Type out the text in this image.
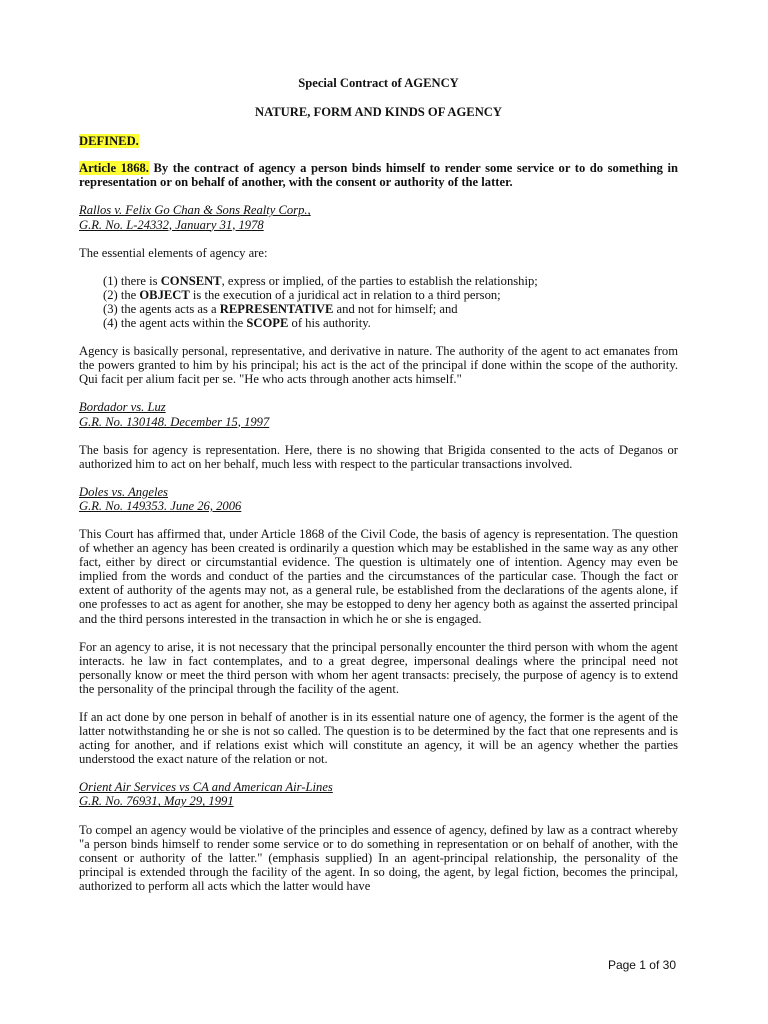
Special Contract of AGENCY

NATURE, FORM AND KINDS OF AGENCY

DEFINED.

Article 1868. By the contract of agency a person binds himself to render some service or to do something in representation or on behalf of another, with the consent or authority of the latter.

Rallos v. Felix Go Chan & Sons Realty Corp.,
G.R. No. L-24332, January 31, 1978

The essential elements of agency are:

(1) there is CONSENT, express or implied, of the parties to establish the relationship;
(2) the OBJECT is the execution of a juridical act in relation to a third person;
(3) the agents acts as a REPRESENTATIVE and not for himself; and
(4) the agent acts within the SCOPE of his authority.

Agency is basically personal, representative, and derivative in nature. The authority of the agent to act emanates from the powers granted to him by his principal; his act is the act of the principal if done within the scope of the authority. Qui facit per alium facit per se. "He who acts through another acts himself."

Bordador vs. Luz
G.R. No. 130148. December 15, 1997

The basis for agency is representation. Here, there is no showing that Brigida consented to the acts of Deganos or authorized him to act on her behalf, much less with respect to the particular transactions involved.

Doles vs. Angeles
G.R. No. 149353. June 26, 2006

This Court has affirmed that, under Article 1868 of the Civil Code, the basis of agency is representation. The question of whether an agency has been created is ordinarily a question which may be established in the same way as any other fact, either by direct or circumstantial evidence. The question is ultimately one of intention. Agency may even be implied from the words and conduct of the parties and the circumstances of the particular case. Though the fact or extent of authority of the agents may not, as a general rule, be established from the declarations of the agents alone, if one professes to act as agent for another, she may be estopped to deny her agency both as against the asserted principal and the third persons interested in the transaction in which he or she is engaged.

For an agency to arise, it is not necessary that the principal personally encounter the third person with whom the agent interacts. he law in fact contemplates, and to a great degree, impersonal dealings where the principal need not personally know or meet the third person with whom her agent transacts: precisely, the purpose of agency is to extend the personality of the principal through the facility of the agent.

If an act done by one person in behalf of another is in its essential nature one of agency, the former is the agent of the latter notwithstanding he or she is not so called. The question is to be determined by the fact that one represents and is acting for another, and if relations exist which will constitute an agency, it will be an agency whether the parties understood the exact nature of the relation or not.

Orient Air Services vs CA and American Air-Lines
G.R. No. 76931, May 29, 1991

To compel an agency would be violative of the principles and essence of agency, defined by law as a contract whereby "a person binds himself to render some service or to do something in representation or on behalf of another, with the consent or authority of the latter." (emphasis supplied) In an agent-principal relationship, the personality of the principal is extended through the facility of the agent. In so doing, the agent, by legal fiction, becomes the principal, authorized to perform all acts which the latter would have

Page 1 of 30
